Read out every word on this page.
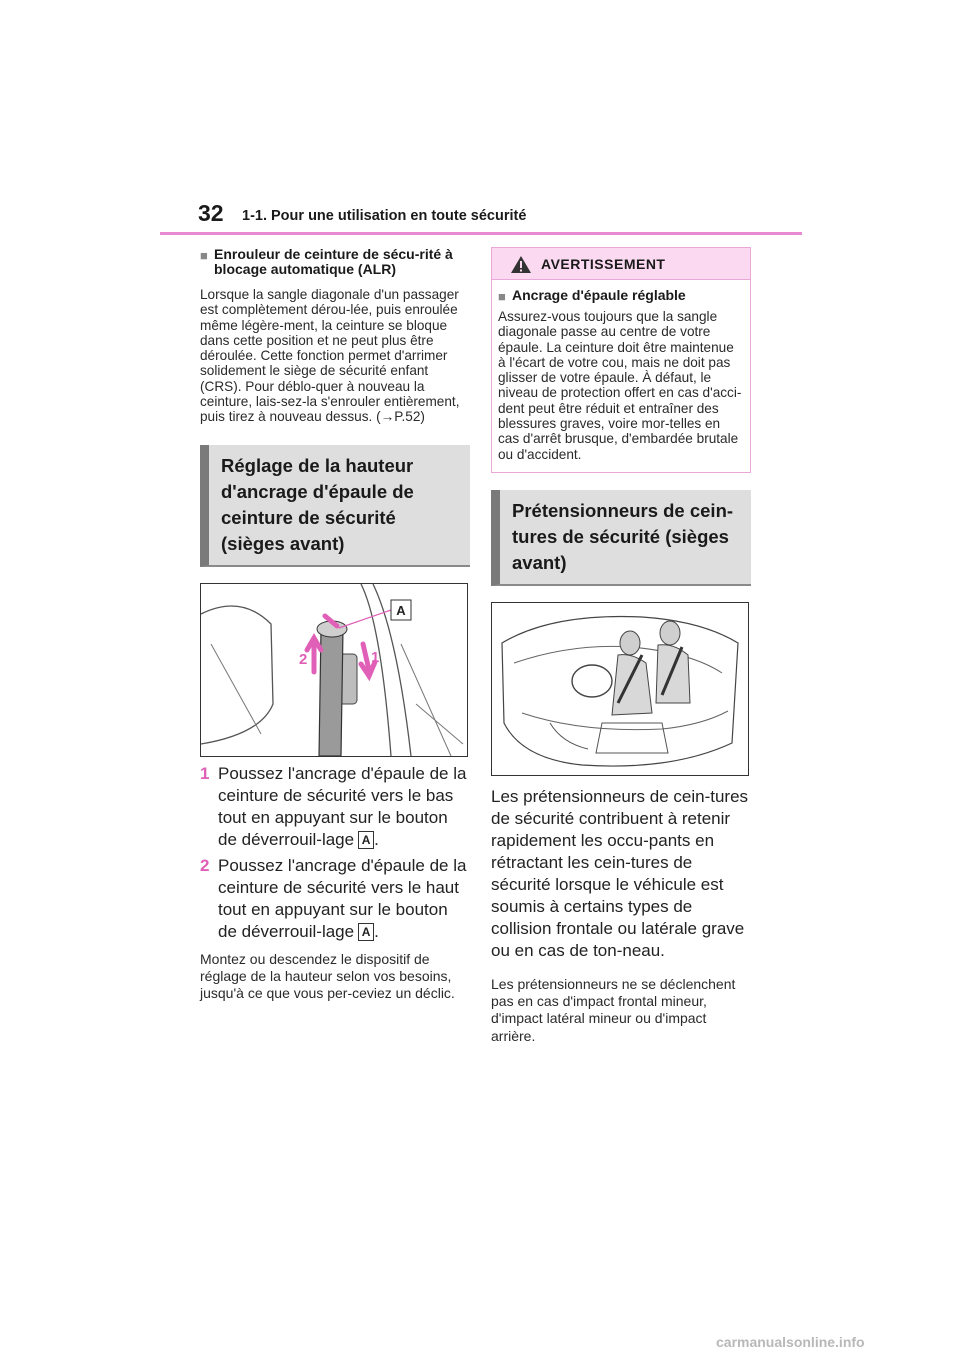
32 1-1. Pour une utilisation en toute sécurité
■ Enrouleur de ceinture de sécu-rité à blocage automatique (ALR)

Lorsque la sangle diagonale d'un passager est complètement dérou-lée, puis enroulée même légère-ment, la ceinture se bloque dans cette position et ne peut plus être déroulée. Cette fonction permet d'arrimer solidement le siège de sécurité enfant (CRS). Pour déblo-quer à nouveau la ceinture, lais-sez-la s'enrouler entièrement, puis tirez à nouveau dessus. (→P.52)

Réglage de la hauteur d'ancrage d'épaule de ceinture de sécurité (sièges avant)
A
2	1
1 Poussez l'ancrage d'épaule de la ceinture de sécurité vers le bas tout en appuyant sur le bouton de déverrouil-lage A .
2 Poussez l'ancrage d'épaule de la ceinture de sécurité vers le haut tout en appuyant sur le bouton de déverrouil-lage A .

Montez ou descendez le dispositif de réglage de la hauteur selon vos besoins, jusqu'à ce que vous per-ceviez un déclic.

AVERTISSEMENT
■ Ancrage d'épaule réglable

Assurez-vous toujours que la sangle diagonale passe au centre de votre épaule. La ceinture doit être maintenue à l'écart de votre cou, mais ne doit pas glisser de votre épaule. À défaut, le niveau de protection offert en cas d'acci-dent peut être réduit et entraîner des blessures graves, voire mor-telles en cas d'arrêt brusque, d'embardée brutale ou d'accident.

Prétensionneurs de cein-tures de sécurité (sièges avant)

Les prétensionneurs de cein-tures de sécurité contribuent à retenir rapidement les occu-pants en rétractant les cein-tures de sécurité lorsque le véhicule est soumis à certains types de collision frontale ou latérale grave ou en cas de ton-neau.

Les prétensionneurs ne se déclenchent pas en cas d'impact frontal mineur, d'impact latéral mineur ou d'impact arrière.

carmanualsonline.info
